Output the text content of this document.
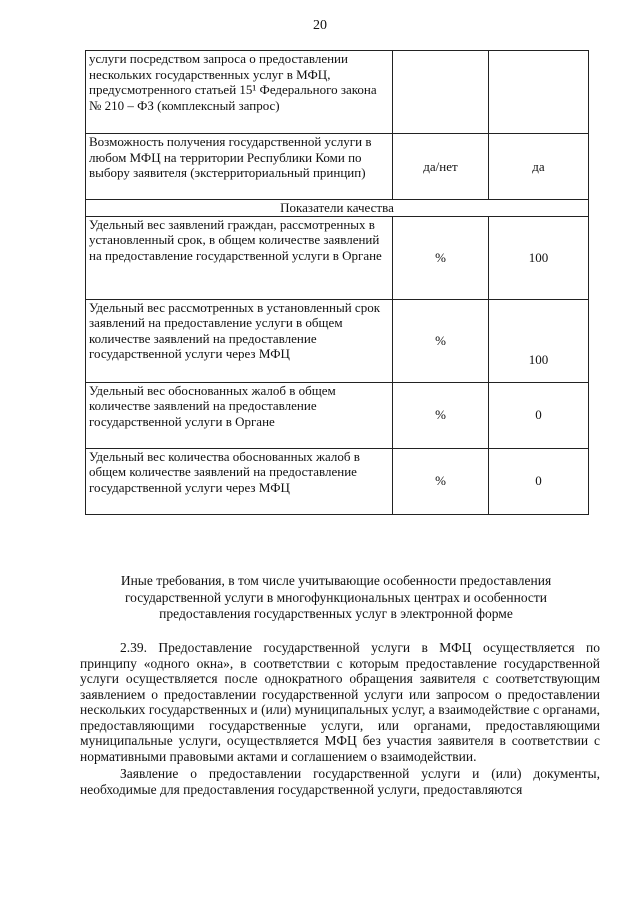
20
услуги посредством запроса о предоставлении нескольких государственных услуг в МФЦ, предусмотренного статьей 15¹ Федерального закона № 210 – ФЗ (комплексный запрос)		
Возможность получения государственной услуги в любом МФЦ на территории Республики Коми по выбору заявителя (экстерриториальный принцип)	да/нет	да
Показатели качества		
Удельный вес заявлений граждан, рассмотренных в установленный срок, в общем количестве заявлений на предоставление государственной услуги в Органе	%	100
Удельный вес рассмотренных в установленный срок заявлений на предоставление услуги в общем количестве заявлений на предоставление государственной услуги через МФЦ	%	100
Удельный вес обоснованных жалоб в общем количестве заявлений на предоставление государственной услуги в Органе	%	0
Удельный вес количества обоснованных жалоб в общем количестве заявлений на предоставление государственной услуги через МФЦ	%	0
Иные требования, в том числе учитывающие особенности предоставления государственной услуги в многофункциональных центрах и особенности предоставления государственных услуг в электронной форме

2.39. Предоставление государственной услуги в МФЦ осуществляется по принципу «одного окна», в соответствии с которым предоставление государственной услуги осуществляется после однократного обращения заявителя с соответствующим заявлением о предоставлении государственной услуги или запросом о предоставлении нескольких государственных и (или) муниципальных услуг, а взаимодействие с органами, предоставляющими государственные услуги, или органами, предоставляющими муниципальные услуги, осуществляется МФЦ без участия заявителя в соответствии с нормативными правовыми актами и соглашением о взаимодействии.

Заявление о предоставлении государственной услуги и (или) документы, необходимые для предоставления государственной услуги, предоставляются
